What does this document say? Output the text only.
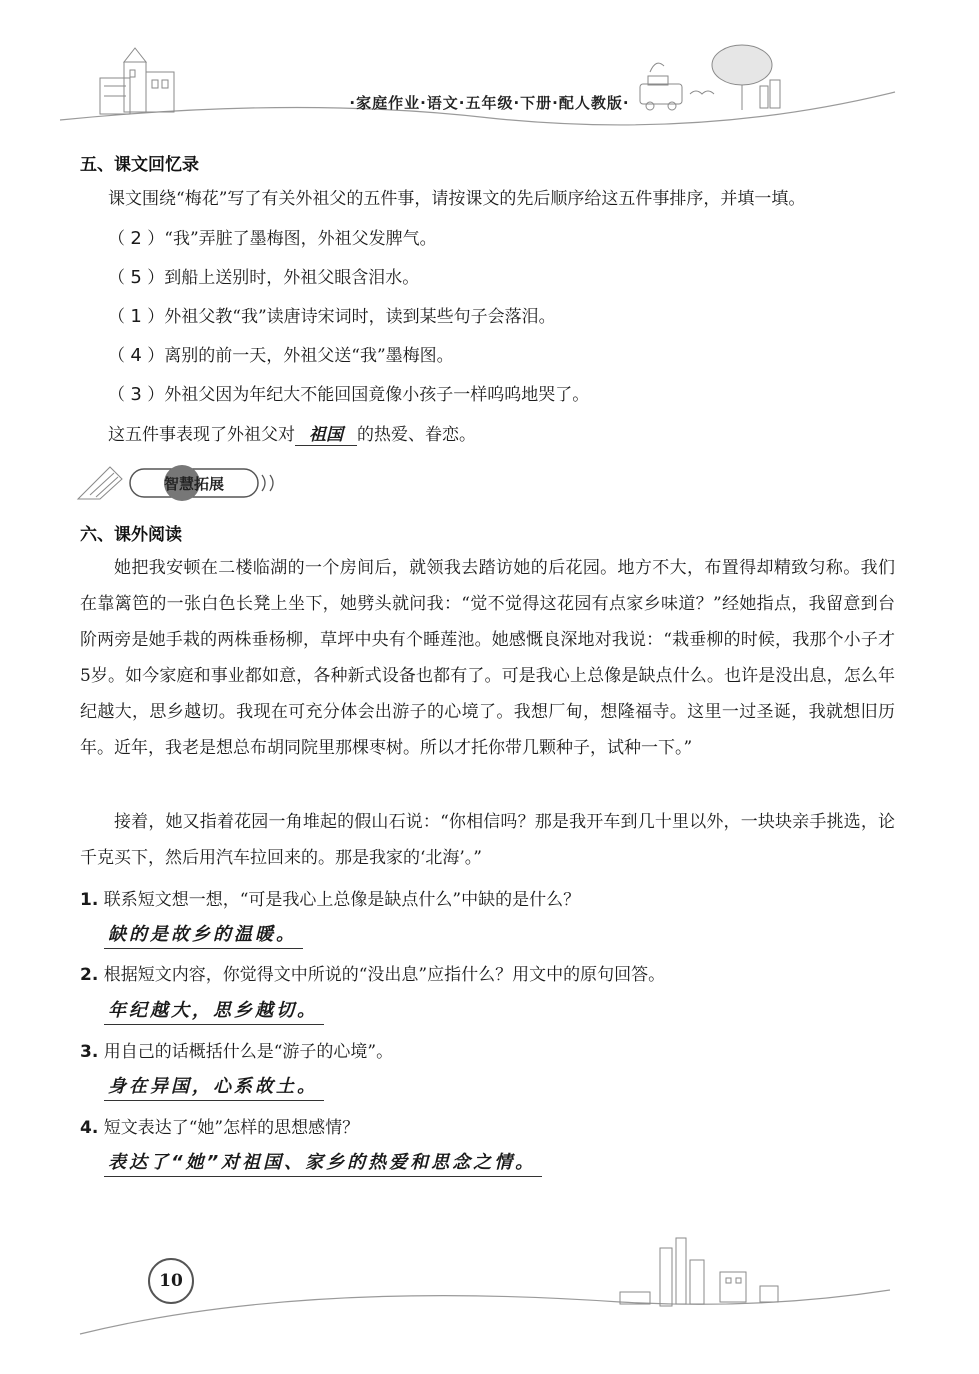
·家庭作业·语文·五年级·下册·配人教版·
五、课文回忆录
课文围绕“梅花”写了有关外祖父的五件事，请按课文的先后顺序给这五件事排序，并填一填。
（ 2 ）“我”弄脏了墨梅图，外祖父发脾气。
（ 5 ）到船上送别时，外祖父眼含泪水。
（ 1 ）外祖父教“我”读唐诗宋词时，读到某些句子会落泪。
（ 4 ）离别的前一天，外祖父送“我”墨梅图。
（ 3 ）外祖父因为年纪大不能回国竟像小孩子一样呜呜地哭了。
这五件事表现了外祖父对 祖国 的热爱、眷恋。
智慧拓展
六、课外阅读
她把我安顿在二楼临湖的一个房间后，就领我去踏访她的后花园。地方不大，布置得却精致匀称。我们在靠篱笆的一张白色长凳上坐下，她劈头就问我：“觉不觉得这花园有点家乡味道？”经她指点，我留意到台阶两旁是她手栽的两株垂杨柳，草坪中央有个睡莲池。她感慨良深地对我说：“栽垂柳的时候，我那个小子才5岁。如今家庭和事业都如意，各种新式设备也都有了。可是我心上总像是缺点什么。也许是没出息，怎么年纪越大，思乡越切。我现在可充分体会出游子的心境了。我想厂甸，想隆福寺。这里一过圣诞，我就想旧历年。近年，我老是想总布胡同院里那棵枣树。所以才托你带几颗种子，试种一下。”
接着，她又指着花园一角堆起的假山石说：“你相信吗？那是我开车到几十里以外，一块块亲手挑选，论千克买下，然后用汽车拉回来的。那是我家的‘北海’。”
1. 联系短文想一想，“可是我心上总像是缺点什么”中缺的是什么？
缺的是故乡的温暖。
2. 根据短文内容，你觉得文中所说的“没出息”应指什么？用文中的原句回答。
年纪越大，思乡越切。
3. 用自己的话概括什么是“游子的心境”。
身在异国，心系故土。
4. 短文表达了“她”怎样的思想感情？
表达了“她”对祖国、家乡的热爱和思念之情。
10
